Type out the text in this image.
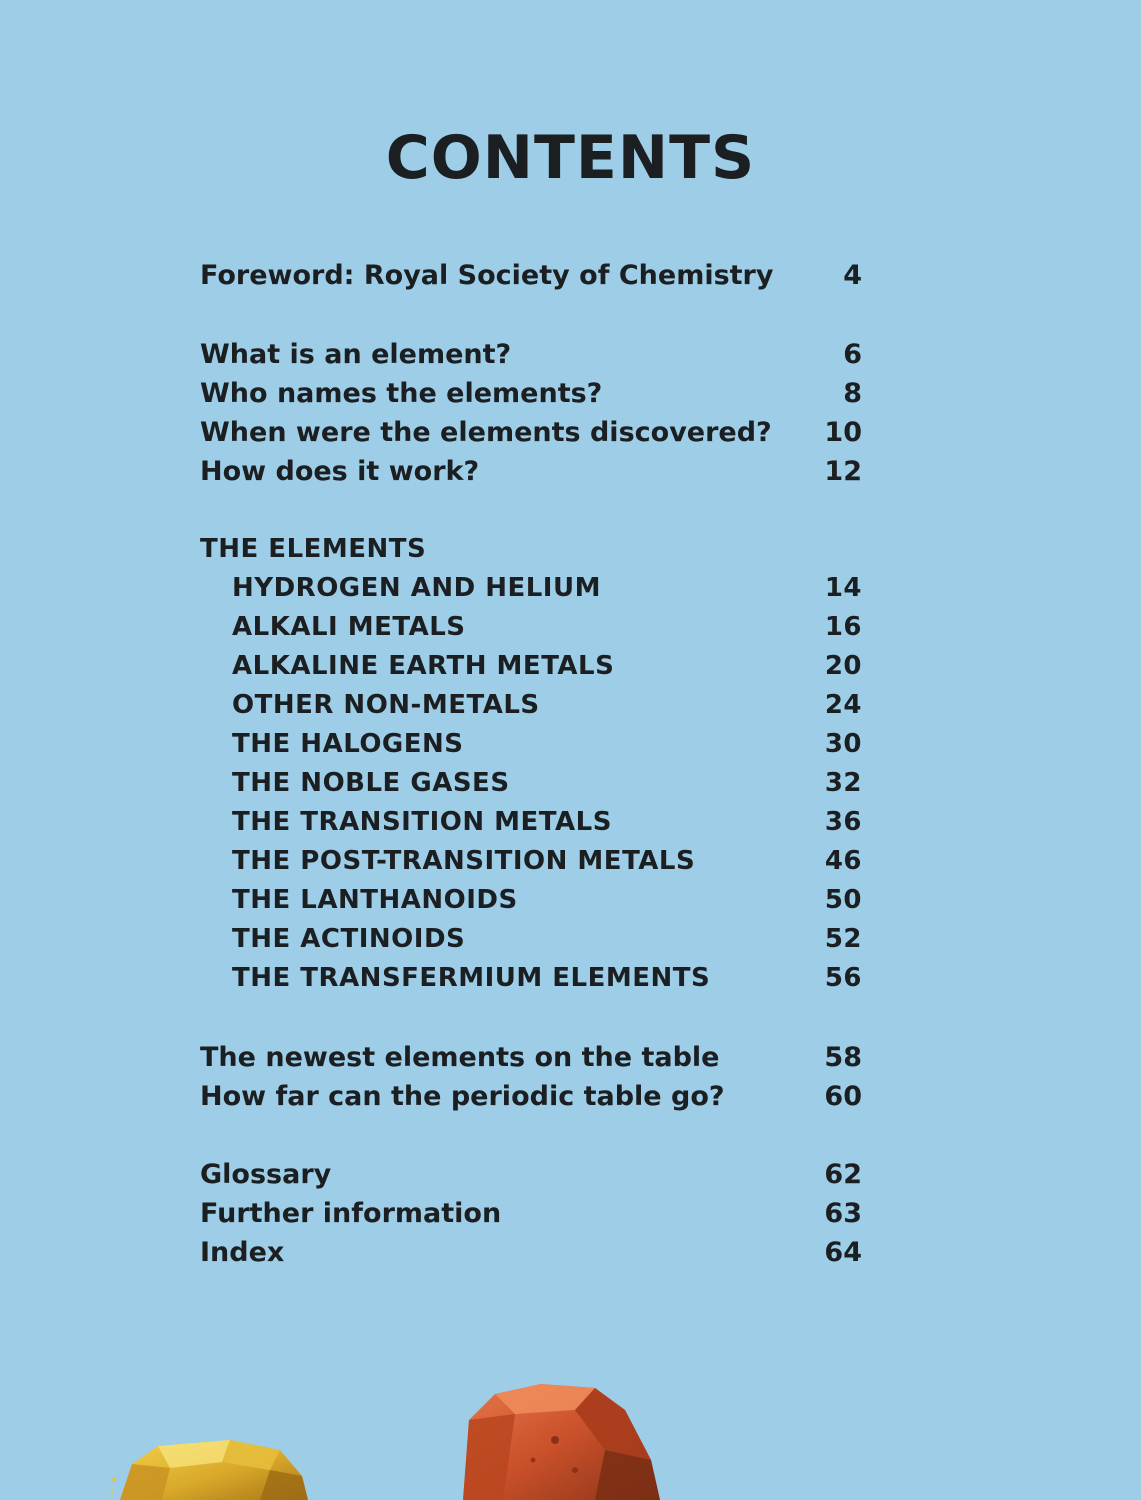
CONTENTS
Foreword: Royal Society of Chemistry	4
What is an element?	6
Who names the elements?	8
When were the elements discovered? 10
How does it work?	12
THE ELEMENTS
HYDROGEN AND HELIUM	14
ALKALI METALS	16
ALKALINE EARTH METALS	20
OTHER NON-METALS	24
THE HALOGENS	30
THE NOBLE GASES	32
THE TRANSITION METALS	36
THE POST-TRANSITION METALS	46
THE LANTHANOIDS	50
THE ACTINOIDS	52
THE TRANSFERMIUM ELEMENTS	56
The newest elements on the table	58
How far can the periodic table go?	60
Glossary	62
Further information	63
Index	64
